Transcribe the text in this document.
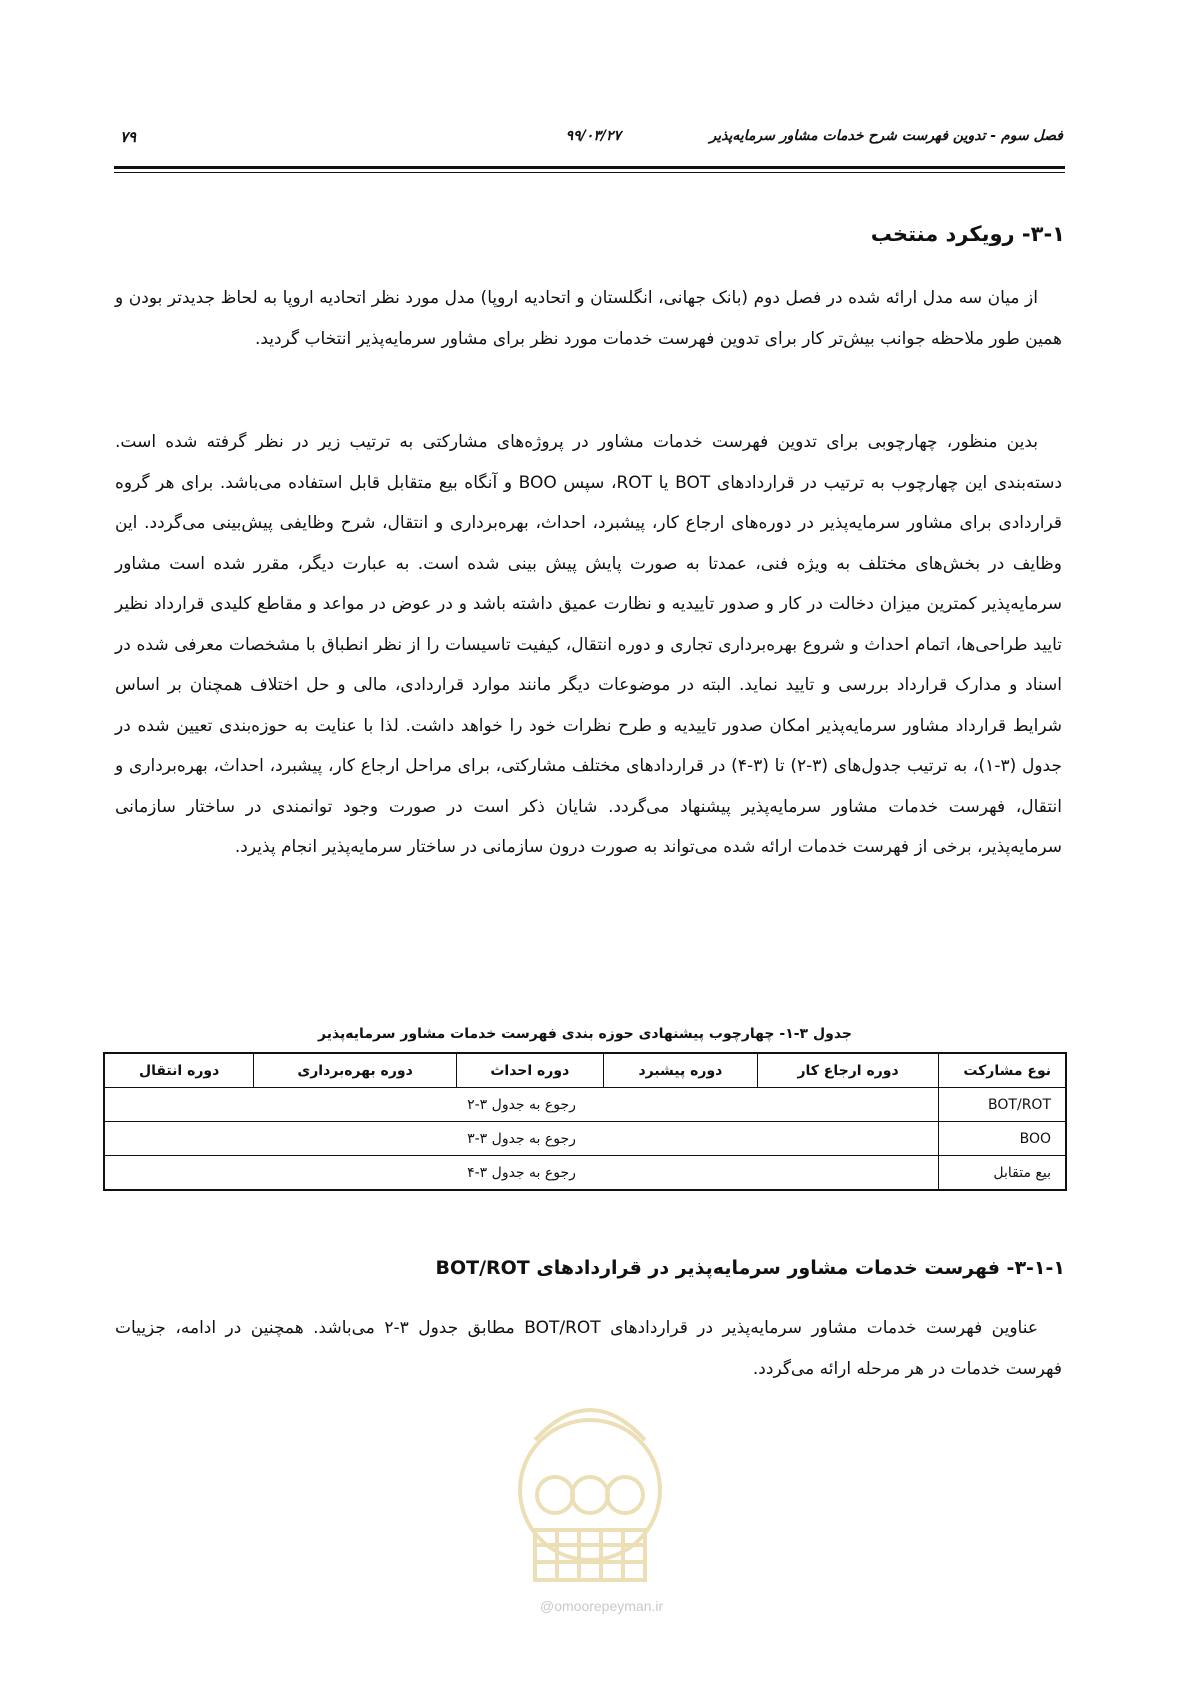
فصل سوم - تدوین فهرست شرح خدمات مشاور سرمایه‌پذیر
۹۹/۰۳/۲۷
۷۹
۳-۱- رویکرد منتخب

از میان سه مدل ارائه شده در فصل دوم (بانک جهانی، انگلستان و اتحادیه اروپا) مدل مورد نظر اتحادیه اروپا به لحاظ جدیدتر بودن و همین طور ملاحظه جوانب بیش‌تر کار برای تدوین فهرست خدمات مورد نظر برای مشاور سرمایه‌پذیر انتخاب گردید.

بدین منظور، چهارچوبی برای تدوین فهرست خدمات مشاور در پروژه‌های مشارکتی به ترتیب زیر در نظر گرفته شده است. دسته‌بندی این چهارچوب به ترتیب در قراردادهای BOT یا ROT، سپس BOO و آنگاه بیع متقابل قابل استفاده می‌باشد. برای هر گروه قراردادی برای مشاور سرمایه‌پذیر در دوره‌های ارجاع کار، پیشبرد، احداث، بهره‌برداری و انتقال، شرح وظایفی پیش‌بینی می‌گردد. این وظایف در بخش‌های مختلف به ویژه فنی، عمدتا به صورت پایش پیش بینی شده است. به عبارت دیگر، مقرر شده است مشاور سرمایه‌پذیر کمترین میزان دخالت در کار و صدور تاییدیه و نظارت عمیق داشته باشد و در عوض در مواعد و مقاطع کلیدی قرارداد نظیر تایید طراحی‌ها، اتمام احداث و شروع بهره‌برداری تجاری و دوره انتقال، کیفیت تاسیسات را از نظر انطباق با مشخصات معرفی شده در اسناد و مدارک قرارداد بررسی و تایید نماید. البته در موضوعات دیگر مانند موارد قراردادی، مالی و حل اختلاف همچنان بر اساس شرایط قرارداد مشاور سرمایه‌پذیر امکان صدور تاییدیه و طرح نظرات خود را خواهد داشت. لذا با عنایت به حوزه‌بندی تعیین شده در جدول (۳-۱)، به ترتیب جدول‌های (۳-۲) تا (۳-۴) در قراردادهای مختلف مشارکتی، برای مراحل ارجاع کار، پیشبرد، احداث، بهره‌برداری و انتقال، فهرست خدمات مشاور سرمایه‌پذیر پیشنهاد می‌گردد. شایان ذکر است در صورت وجود توانمندی در ساختار سازمانی سرمایه‌پذیر، برخی از فهرست خدمات ارائه شده می‌تواند به صورت درون سازمانی در ساختار سرمایه‌پذیر انجام پذیرد.

جدول ۳-۱- چهارچوب پیشنهادی حوزه بندی فهرست خدمات مشاور سرمایه‌پذیر
نوع مشارکت	دوره ارجاع کار	دوره پیشبرد	دوره احداث	دوره بهره‌برداری	دوره انتقال
BOT/ROT	رجوع به جدول ۳-۲				
BOO	رجوع به جدول ۳-۳				
بیع متقابل	رجوع به جدول ۳-۴				
۳-۱-۱- فهرست خدمات مشاور سرمایه‌پذیر در قراردادهای BOT/ROT

عناوین فهرست خدمات مشاور سرمایه‌پذیر در قراردادهای BOT/ROT مطابق جدول ۳-۲ می‌باشد. همچنین در ادامه، جزییات فهرست خدمات در هر مرحله ارائه می‌گردد.

@omoorepeyman.ir
